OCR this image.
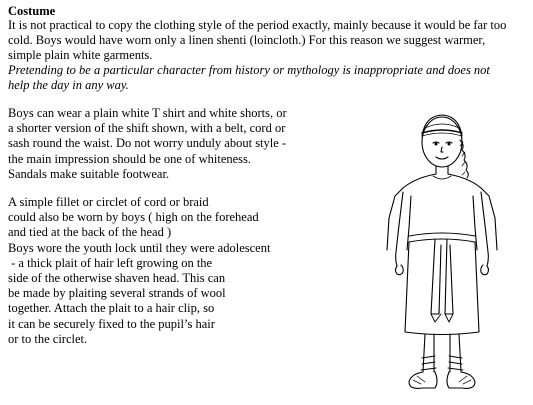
Costume

It is not practical to copy the clothing style of the period exactly, mainly because it would be far too
cold. Boys would have worn only a linen shenti (loincloth.) For this reason we suggest warmer,
simple plain white garments.
Pretending to be a particular character from history or mythology is inappropriate and does not
help the day in any way.

Boys can wear a plain white T shirt and white shorts, or
a shorter version of the shift shown, with a belt, cord or
sash round the waist. Do not worry unduly about style -
the main impression should be one of whiteness.
Sandals make suitable footwear.
A simple fillet or circlet of cord or braid
could also be worn by boys ( high on the forehead
and tied at the back of the head )
Boys wore the youth lock until they were adolescent
- a thick plait of hair left growing on the
side of the otherwise shaven head. This can
be made by plaiting several strands of wool
together. Attach the plait to a hair clip, so
it can be securely fixed to the pupil’s hair
or to the circlet.
